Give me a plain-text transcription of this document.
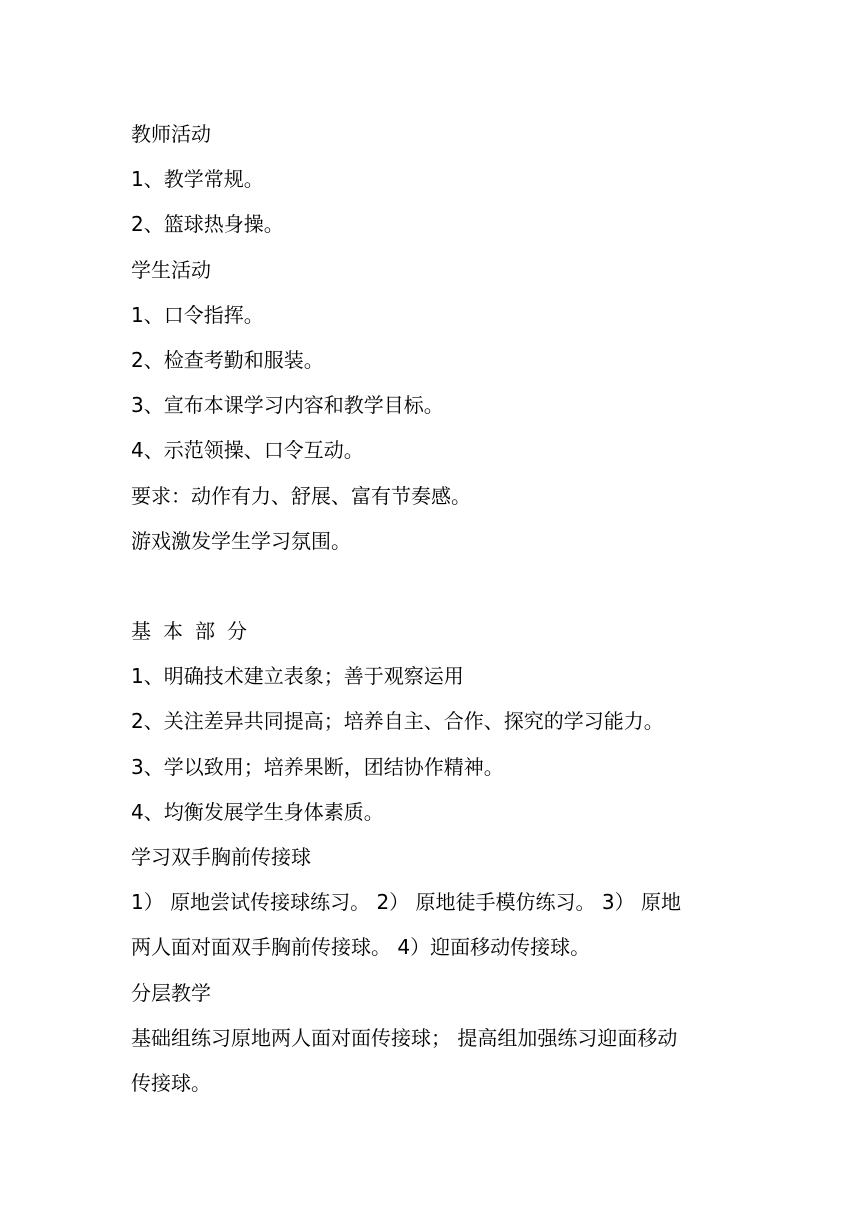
教师活动
1、教学常规。
2、篮球热身操。
学生活动
1、口令指挥。
2、检查考勤和服装。
3、宣布本课学习内容和教学目标。
4、示范领操、口令互动。
要求：动作有力、舒展、富有节奏感。
游戏激发学生学习氛围。
基本部分
1、明确技术建立表象；善于观察运用
2、关注差异共同提高；培养自主、合作、探究的学习能力。
3、学以致用；培养果断，团结协作精神。
4、均衡发展学生身体素质。
学习双手胸前传接球
1） 原地尝试传接球练习。 2） 原地徒手模仿练习。 3） 原地
两人面对面双手胸前传接球。 4）迎面移动传接球。
分层教学
基础组练习原地两人面对面传接球； 提高组加强练习迎面移动
传接球。
